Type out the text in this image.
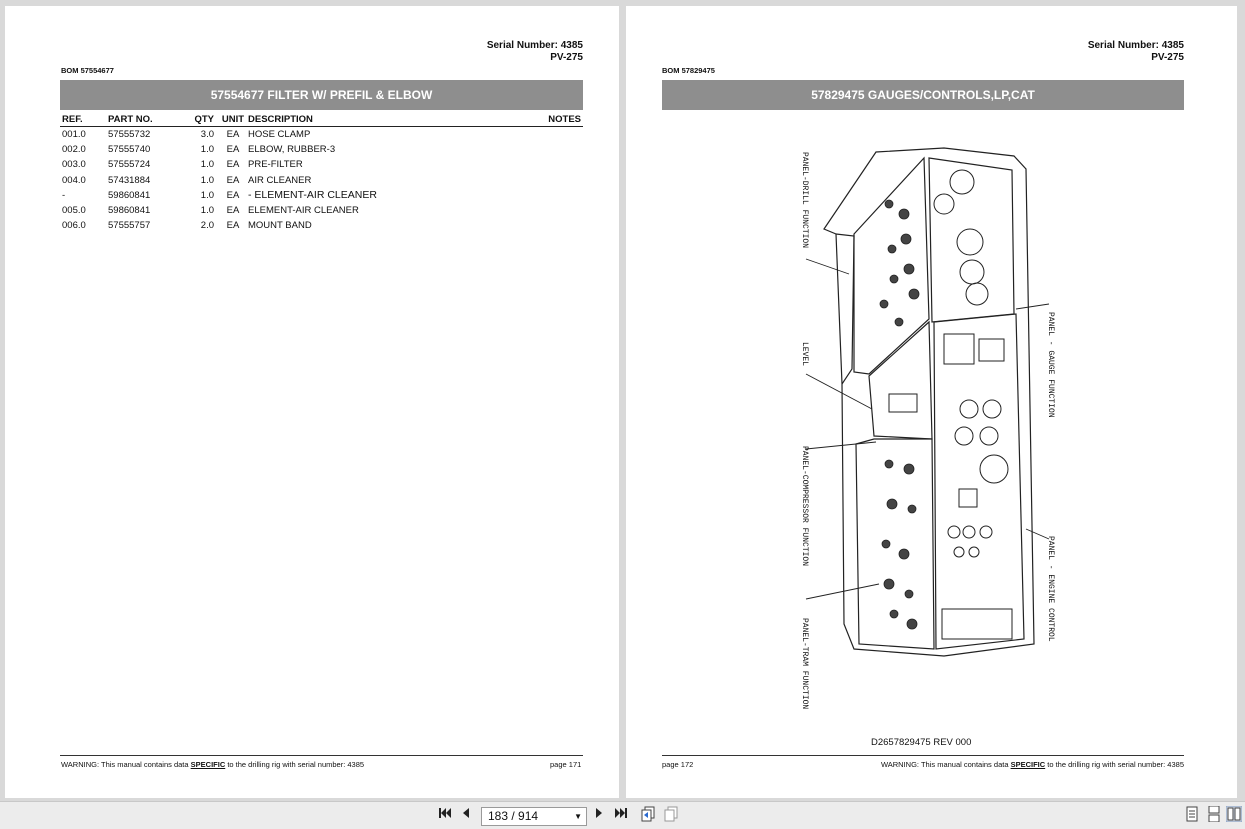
Serial Number: 4385
PV-275
BOM 57554677
57554677 FILTER W/ PREFIL & ELBOW
REF.	PART NO.	QTY	UNIT	DESCRIPTION	NOTES
001.0	57555732	3.0	EA	HOSE CLAMP	
002.0	57555740	1.0	EA	ELBOW, RUBBER-3	
003.0	57555724	1.0	EA	PRE-FILTER	
004.0	57431884	1.0	EA	AIR CLEANER	
-	59860841	1.0	EA	- ELEMENT-AIR CLEANER	
005.0	59860841	1.0	EA	ELEMENT-AIR CLEANER	
006.0	57555757	2.0	EA	MOUNT BAND	
WARNING: This manual contains data SPECIFIC to the drilling rig with serial number: 4385	page 171
Serial Number: 4385
PV-275
BOM 57829475
57829475 GAUGES/CONTROLS,LP,CAT
PANEL-DRILL FUNCTION
LEVEL
PANEL-COMPRESSOR FUNCTION
PANEL-TRAM FUNCTION
PANEL - GAUGE FUNCTION
PANEL - ENGINE CONTROL
D2657829475 REV 000
page 172	WARNING: This manual contains data SPECIFIC to the drilling rig with serial number: 4385
183 / 914	▼
